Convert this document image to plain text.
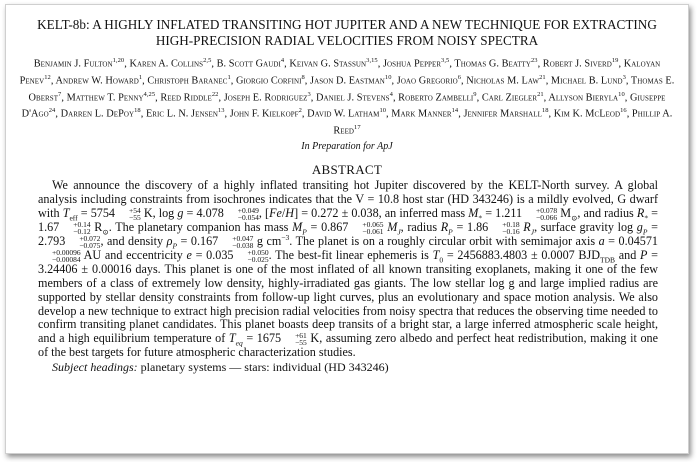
KELT-8b: A HIGHLY INFLATED TRANSITING HOT JUPITER AND A NEW TECHNIQUE FOR EXTRACTING HIGH-PRECISION RADIAL VELOCITIES FROM NOISY SPECTRA
Benjamin J. Fulton$^{1,20}$, Karen A. Collins$^{2,5}$, B. Scott Gaudi$^4$, Keivan G. Stassun$^{3,15}$, Joshua Pepper$^{3,5}$, Thomas G. Beatty$^{23}$, Robert J. Siverd$^{19}$, Kaloyan Penev$^{12}$, Andrew W. Howard$^1$, Christoph Baranec$^1$, Giorgio Corfini$^8$, Jason D. Eastman$^{10}$, Joao Gregorio$^6$, Nicholas M. Law$^{21}$, Michael B. Lund$^3$, Thomas E. Oberst$^7$, Matthew T. Penny$^{4,25}$, Reed Riddle$^{22}$, Joseph E. Rodriguez$^3$, Daniel J. Stevens$^4$, Roberto Zambelli$^9$, Carl Ziegler$^{21}$, Allyson Bieryla$^{10}$, Giuseppe D'Ago$^{24}$, Darren L. DePoy$^{18}$, Eric L. N. Jensen$^{13}$, John F. Kielkopf$^2$, David W. Latham$^{10}$, Mark Manner$^{14}$, Jennifer Marshall$^{18}$, Kim K. McLeod$^{16}$, Phillip A. Reed$^{17}$
In Preparation for ApJ
ABSTRACT
We announce the discovery of a highly inflated transiting hot Jupiter discovered by the KELT-North survey. A global analysis including constraints from isochrones indicates that the V = 10.8 host star (HD 343246) is a mildly evolved, G dwarf with $T_{eff} = 5754$	+54
−55 K, log g = 4.078	+0.049
−0.054 , [Fe/H] = 0.272 ± 0.038, an inferred mass $M_* = 1.211$	+0.078
−0.066 $M_⊙$, and radius $R_* = 1.67$	+0.14
−0.12 $R_⊙$. The planetary companion has mass $M_P = 0.867$	+0.065
−0.061 $M_J$, radius $R_P = 1.86$	+0.18
−0.16 $R_J$, surface gravity $\log g_P = 2.793$	+0.072
−0.075 , and density $\rho_P = 0.167$	+0.047
−0.038 g $cm^{-3}$. The planet is on a roughly circular orbit with semimajor axis a = 0.04571
+0.00096
−0.00084 AU and eccentricity e = 0.035	+0.050
−0.025 . The best-fit linear ephemeris is $T_0 = 2456883.4803 \pm 0.0007$ $BJD_{TDB}$ and P = 3.24406 ± 0.00016 days. This planet is one of the most inflated of all known transiting exoplanets, making it one of the few members of a class of extremely low density, highly-irradiated gas giants. The low stellar log g and large implied radius are supported by stellar density constraints from follow-up light curves, plus an evolutionary and space motion analysis. We also develop a new technique to extract high precision radial velocities from noisy spectra that reduces the observing time needed to confirm transiting planet candidates. This planet boasts deep transits of a bright star, a large inferred atmospheric scale height, and a high equilibrium temperature of $T_{eq} = 1675$	+61
−55 K, assuming zero albedo and perfect heat redistribution, making it one of the best targets for future atmospheric characterization studies.
Subject headings: planetary systems — stars: individual (HD 343246)
